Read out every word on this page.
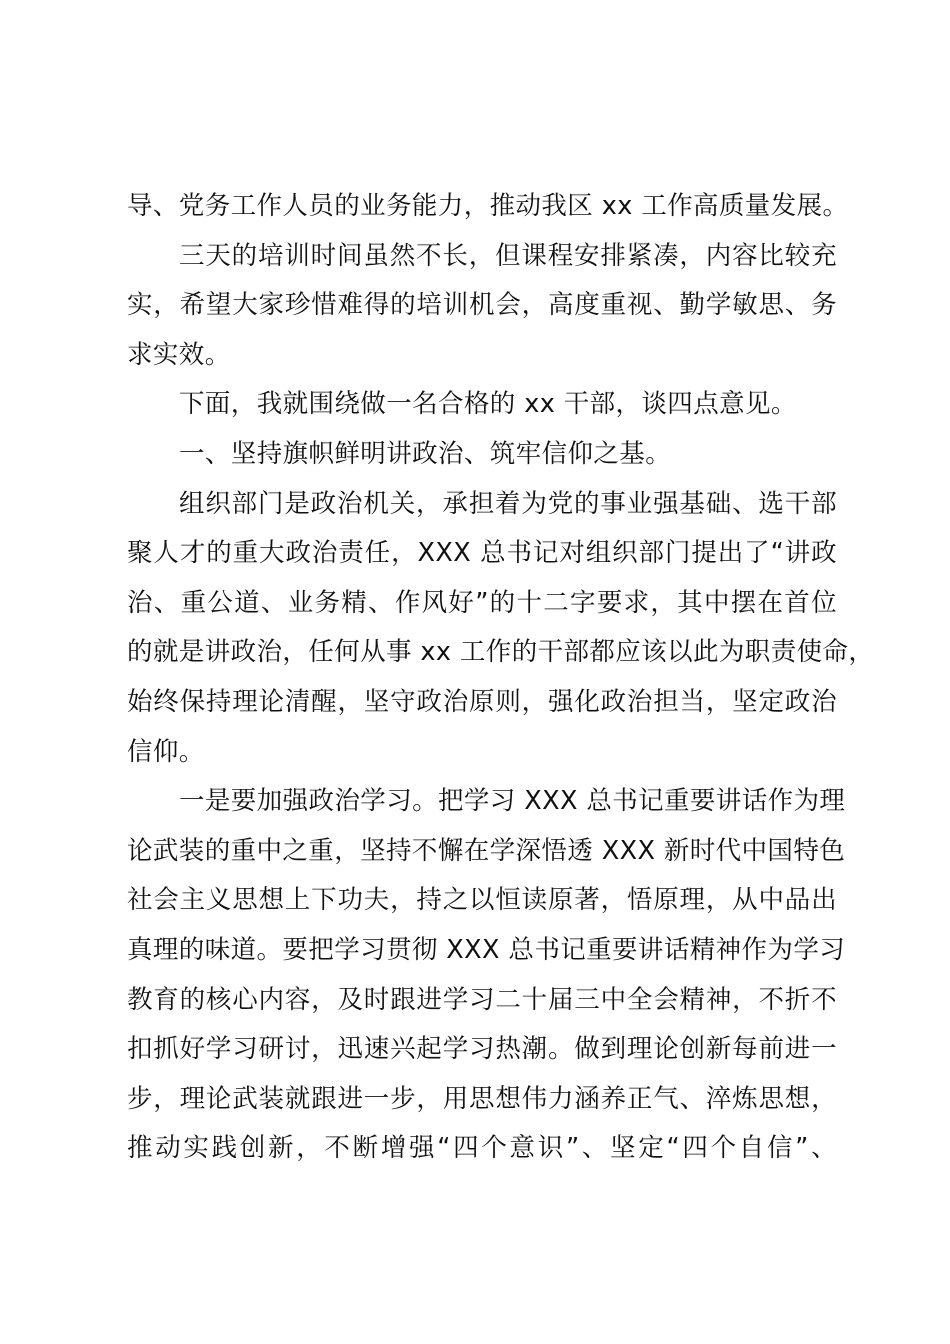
导、党务工作人员的业务能力，推动我区 xx 工作高质量发展。
三天的培训时间虽然不长，但课程安排紧凑，内容比较充
实，希望大家珍惜难得的培训机会，高度重视、勤学敏思、务
求实效。
下面，我就围绕做一名合格的 xx 干部，谈四点意见。
一、坚持旗帜鲜明讲政治、筑牢信仰之基。
组织部门是政治机关，承担着为党的事业强基础、选干部
聚人才的重大政治责任，XXX 总书记对组织部门提出了“讲政
治、重公道、业务精、作风好”的十二字要求，其中摆在首位
的就是讲政治，任何从事 xx 工作的干部都应该以此为职责使命，
始终保持理论清醒，坚守政治原则，强化政治担当，坚定政治
信仰。
一是要加强政治学习。把学习 XXX 总书记重要讲话作为理
论武装的重中之重，坚持不懈在学深悟透 XXX 新时代中国特色
社会主义思想上下功夫，持之以恒读原著，悟原理，从中品出
真理的味道。要把学习贯彻 XXX 总书记重要讲话精神作为学习
教育的核心内容，及时跟进学习二十届三中全会精神，不折不
扣抓好学习研讨，迅速兴起学习热潮。做到理论创新每前进一
步，理论武装就跟进一步，用思想伟力涵养正气、淬炼思想，
推动实践创新，不断增强“四个意识”、坚定“四个自信”、
